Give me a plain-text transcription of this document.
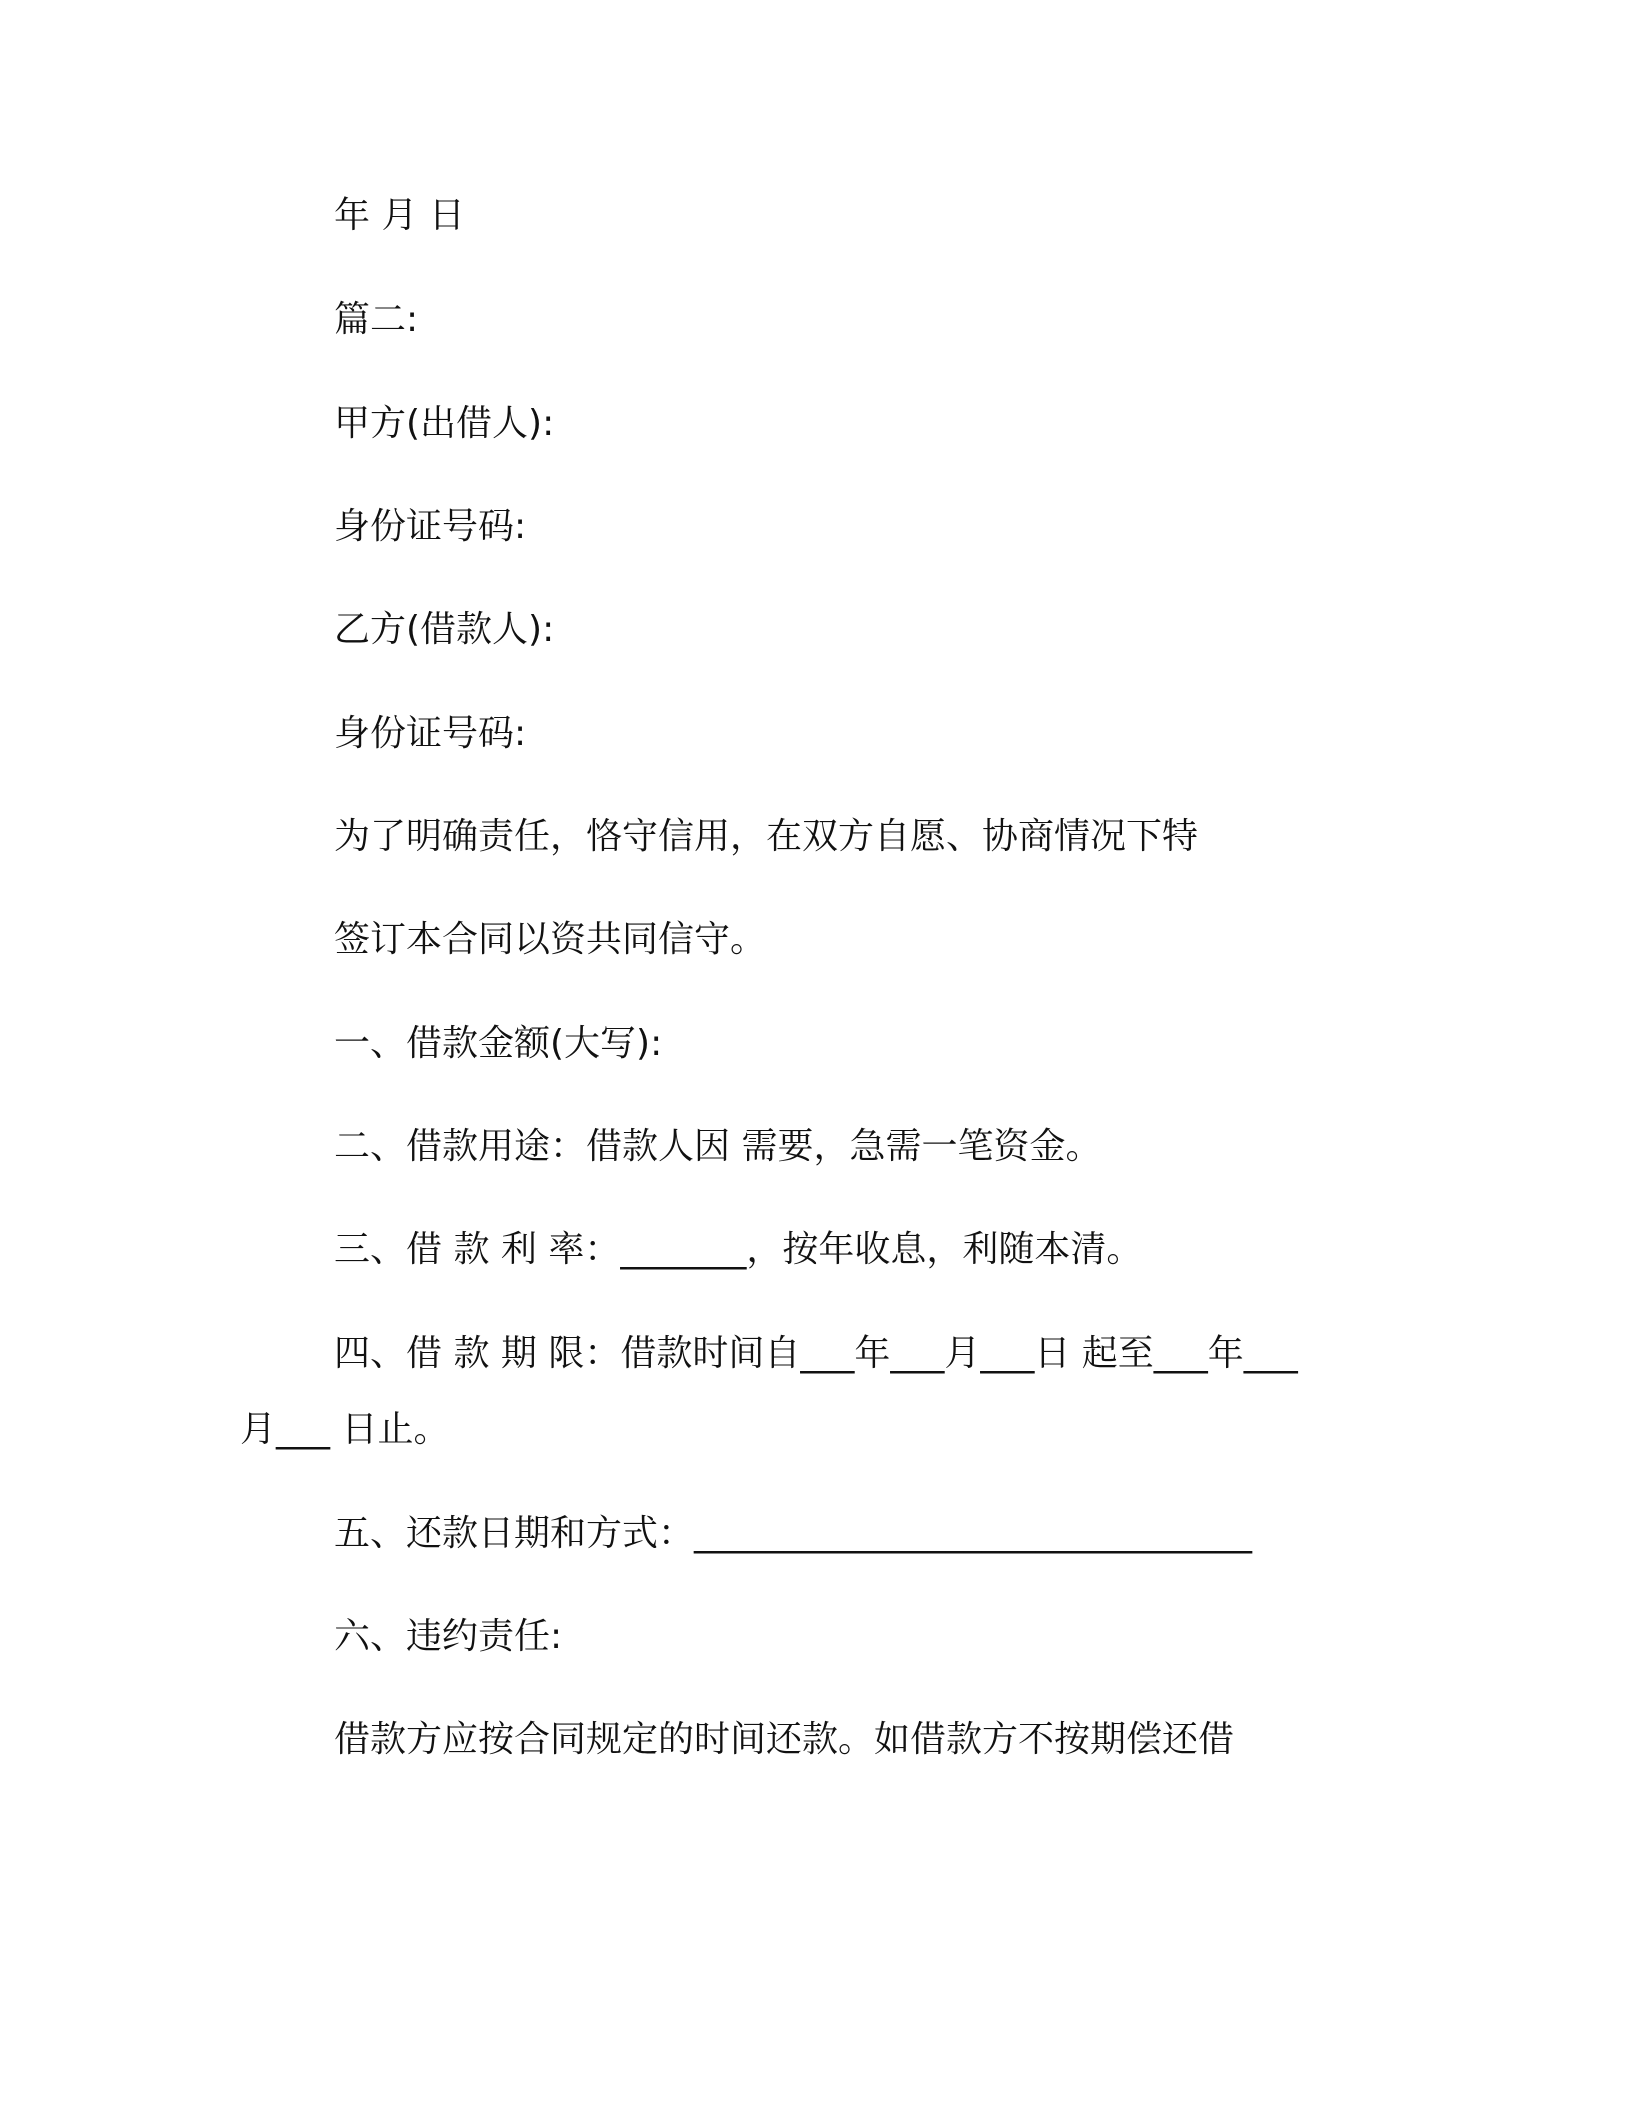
年 月 日
篇二:
甲方(出借人):
身份证号码:
乙方(借款人):
身份证号码:
为了明确责任，恪守信用，在双方自愿、协商情况下特
签订本合同以资共同信守。
一、借款金额(大写):
二、借款用途：借款人因 需要，急需一笔资金。
三、借 款 利 率：_______，按年收息，利随本清。
四、借 款 期 限：借款时间自___年___月___日 起至___年___
月___ 日止。
五、还款日期和方式：_______________________________
六、违约责任:
借款方应按合同规定的时间还款。如借款方不按期偿还借
